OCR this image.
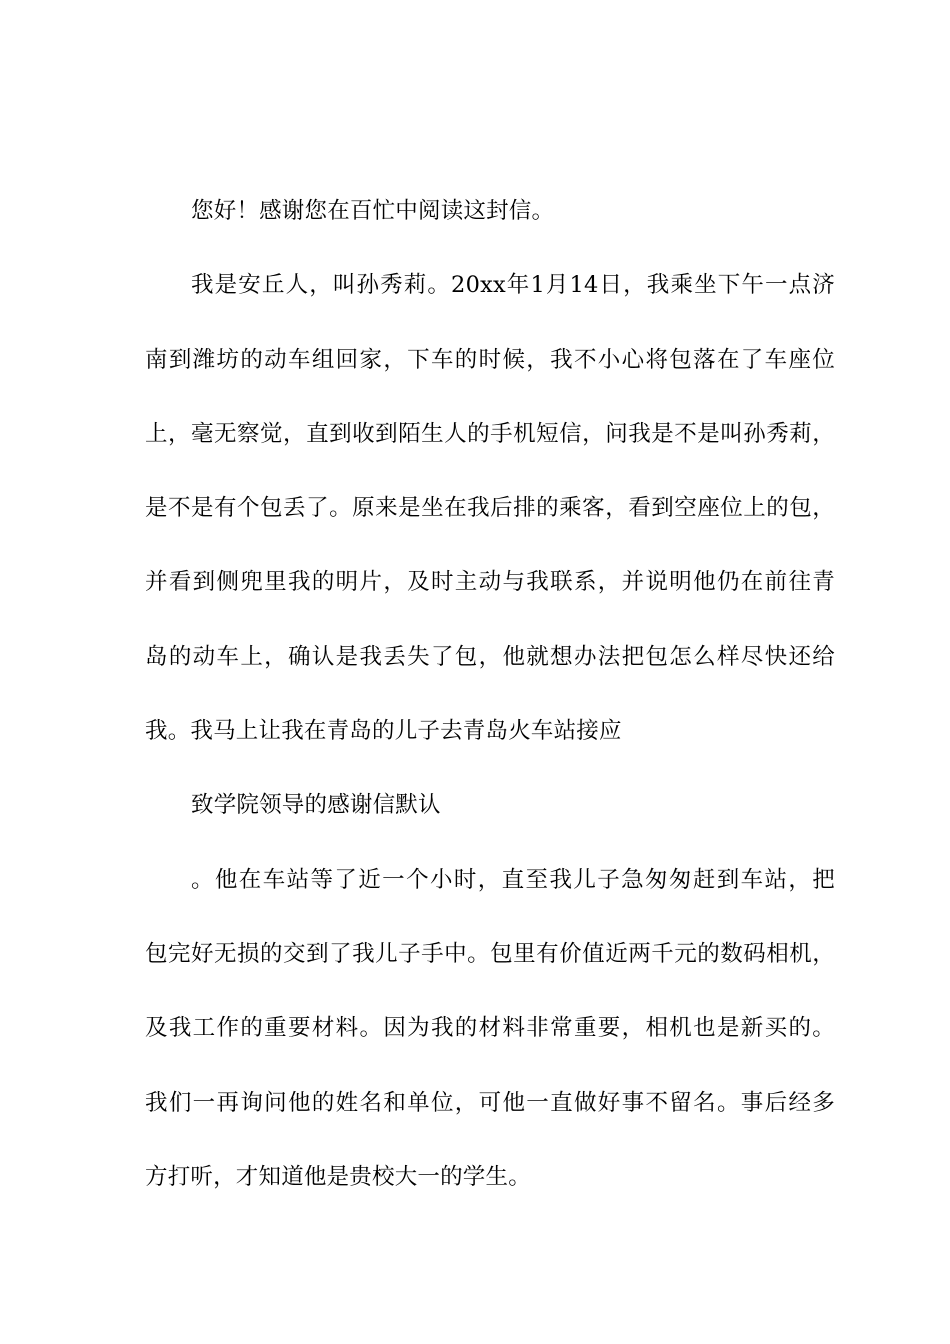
您好！感谢您在百忙中阅读这封信。
我是安丘人，叫孙秀莉。20xx年1月14日，我乘坐下午一点济
南到潍坊的动车组回家，下车的时候，我不小心将包落在了车座位
上，毫无察觉，直到收到陌生人的手机短信，问我是不是叫孙秀莉，
是不是有个包丢了。原来是坐在我后排的乘客，看到空座位上的包，
并看到侧兜里我的明片，及时主动与我联系，并说明他仍在前往青
岛的动车上，确认是我丢失了包，他就想办法把包怎么样尽快还给
我。我马上让我在青岛的儿子去青岛火车站接应
致学院领导的感谢信默认
。他在车站等了近一个小时，直至我儿子急匆匆赶到车站，把
包完好无损的交到了我儿子手中。包里有价值近两千元的数码相机，
及我工作的重要材料。因为我的材料非常重要，相机也是新买的。
我们一再询问他的姓名和单位，可他一直做好事不留名。事后经多
方打听，才知道他是贵校大一的学生。
